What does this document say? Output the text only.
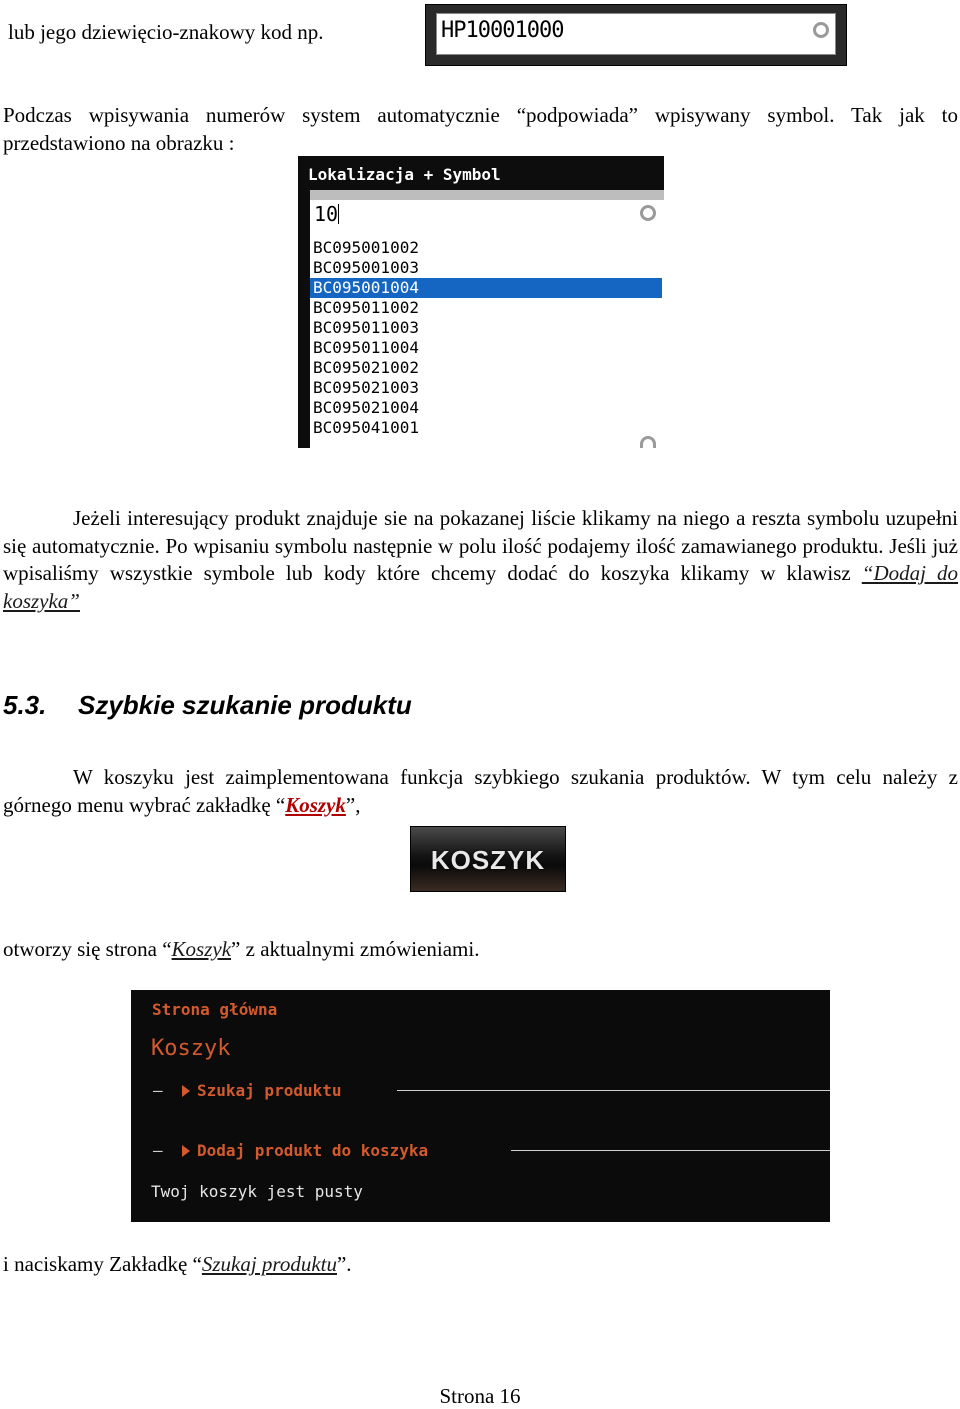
lub jego dziewięcio-znakowy kod np.	HP10001000
Podczas wpisywania numerów system automatycznie “podpowiada” wpisywany symbol. Tak jak to przedstawiono na obrazku :
Lokalizacja + Symbol
10
BC095001002
BC095001003
BC095001004
BC095011002
BC095011003
BC095011004
BC095021002
BC095021003
BC095021004
BC095041001
Jeżeli interesujący produkt znajduje sie na pokazanej liście klikamy na niego a reszta symbolu uzupełni się automatycznie. Po wpisaniu symbolu następnie w polu ilość podajemy ilość zamawianego produktu. Jeśli już wpisaliśmy wszystkie symbole lub kody które chcemy dodać do koszyka klikamy w klawisz “Dodaj do koszyka”
5.3. Szybkie szukanie produktu
W koszyku jest zaimplementowana funkcja szybkiego szukania produktów. W tym celu należy z górnego menu wybrać zakładkę “Koszyk”,
KOSZYK
otworzy się strona “Koszyk” z aktualnymi zmówieniami.
Strona główna
Koszyk
– Szukaj produktu
– Dodaj produkt do koszyka
Twoj koszyk jest pusty
i naciskamy Zakładkę “Szukaj produktu”.
Strona 16
